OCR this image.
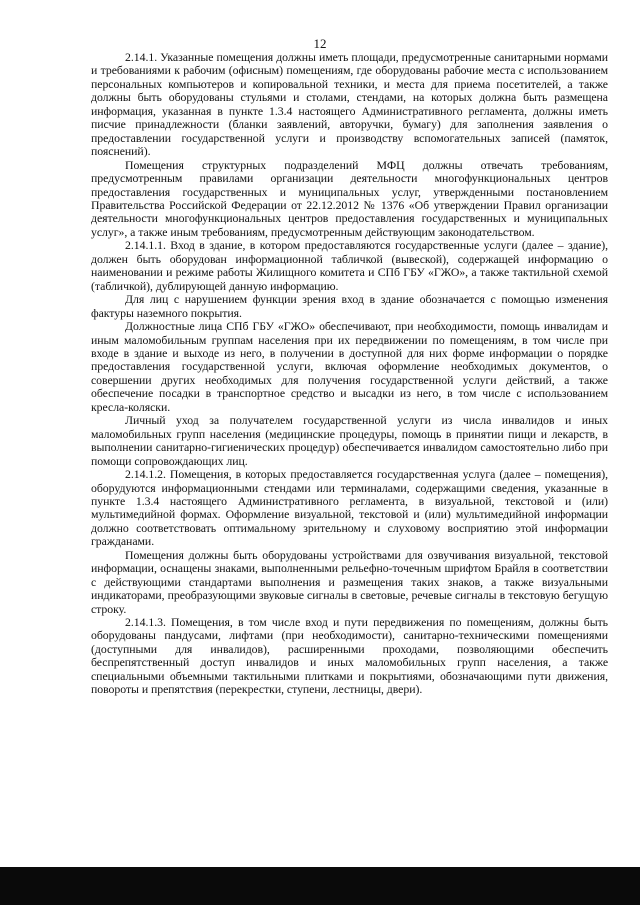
12

2.14.1. Указанные помещения должны иметь площади, предусмотренные санитарными нормами и требованиями к рабочим (офисным) помещениям, где оборудованы рабочие места с использованием персональных компьютеров и копировальной техники, и места для приема посетителей, а также должны быть оборудованы стульями и столами, стендами, на которых должна быть размещена информация, указанная в пункте 1.3.4 настоящего Административного регламента, должны иметь писчие принадлежности (бланки заявлений, авторучки, бумагу) для заполнения заявления о предоставлении государственной услуги и производству вспомогательных записей (памяток, пояснений).

Помещения структурных подразделений МФЦ должны отвечать требованиям, предусмотренным правилами организации деятельности многофункциональных центров предоставления государственных и муниципальных услуг, утвержденными постановлением Правительства Российской Федерации от 22.12.2012 № 1376 «Об утверждении Правил организации деятельности многофункциональных центров предоставления государственных и муниципальных услуг», а также иным требованиям, предусмотренным действующим законодательством.

2.14.1.1. Вход в здание, в котором предоставляются государственные услуги (далее – здание), должен быть оборудован информационной табличкой (вывеской), содержащей информацию о наименовании и режиме работы Жилищного комитета и СПб ГБУ «ГЖО», а также тактильной схемой (табличкой), дублирующей данную информацию.

Для лиц с нарушением функции зрения вход в здание обозначается с помощью изменения фактуры наземного покрытия.

Должностные лица СПб ГБУ «ГЖО» обеспечивают, при необходимости, помощь инвалидам и иным маломобильным группам населения при их передвижении по помещениям, в том числе при входе в здание и выходе из него, в получении в доступной для них форме информации о порядке предоставления государственной услуги, включая оформление необходимых документов, о совершении других необходимых для получения государственной услуги действий, а также обеспечение посадки в транспортное средство и высадки из него, в том числе с использованием кресла-коляски.

Личный уход за получателем государственной услуги из числа инвалидов и иных маломобильных групп населения (медицинские процедуры, помощь в принятии пищи и лекарств, в выполнении санитарно-гигиенических процедур) обеспечивается инвалидом самостоятельно либо при помощи сопровождающих лиц.

2.14.1.2. Помещения, в которых предоставляется государственная услуга (далее – помещения), оборудуются информационными стендами или терминалами, содержащими сведения, указанные в пункте 1.3.4 настоящего Административного регламента, в визуальной, текстовой и (или) мультимедийной формах. Оформление визуальной, текстовой и (или) мультимедийной информации должно соответствовать оптимальному зрительному и слуховому восприятию этой информации гражданами.

Помещения должны быть оборудованы устройствами для озвучивания визуальной, текстовой информации, оснащены знаками, выполненными рельефно-точечным шрифтом Брайля в соответствии с действующими стандартами выполнения и размещения таких знаков, а также визуальными индикаторами, преобразующими звуковые сигналы в световые, речевые сигналы в текстовую бегущую строку.

2.14.1.3. Помещения, в том числе вход и пути передвижения по помещениям, должны быть оборудованы пандусами, лифтами (при необходимости), санитарно-техническими помещениями (доступными для инвалидов), расширенными проходами, позволяющими обеспечить беспрепятственный доступ инвалидов и иных маломобильных групп населения, а также специальными объемными тактильными плитками и покрытиями, обозначающими пути движения, повороты и препятствия (перекрестки, ступени, лестницы, двери).
